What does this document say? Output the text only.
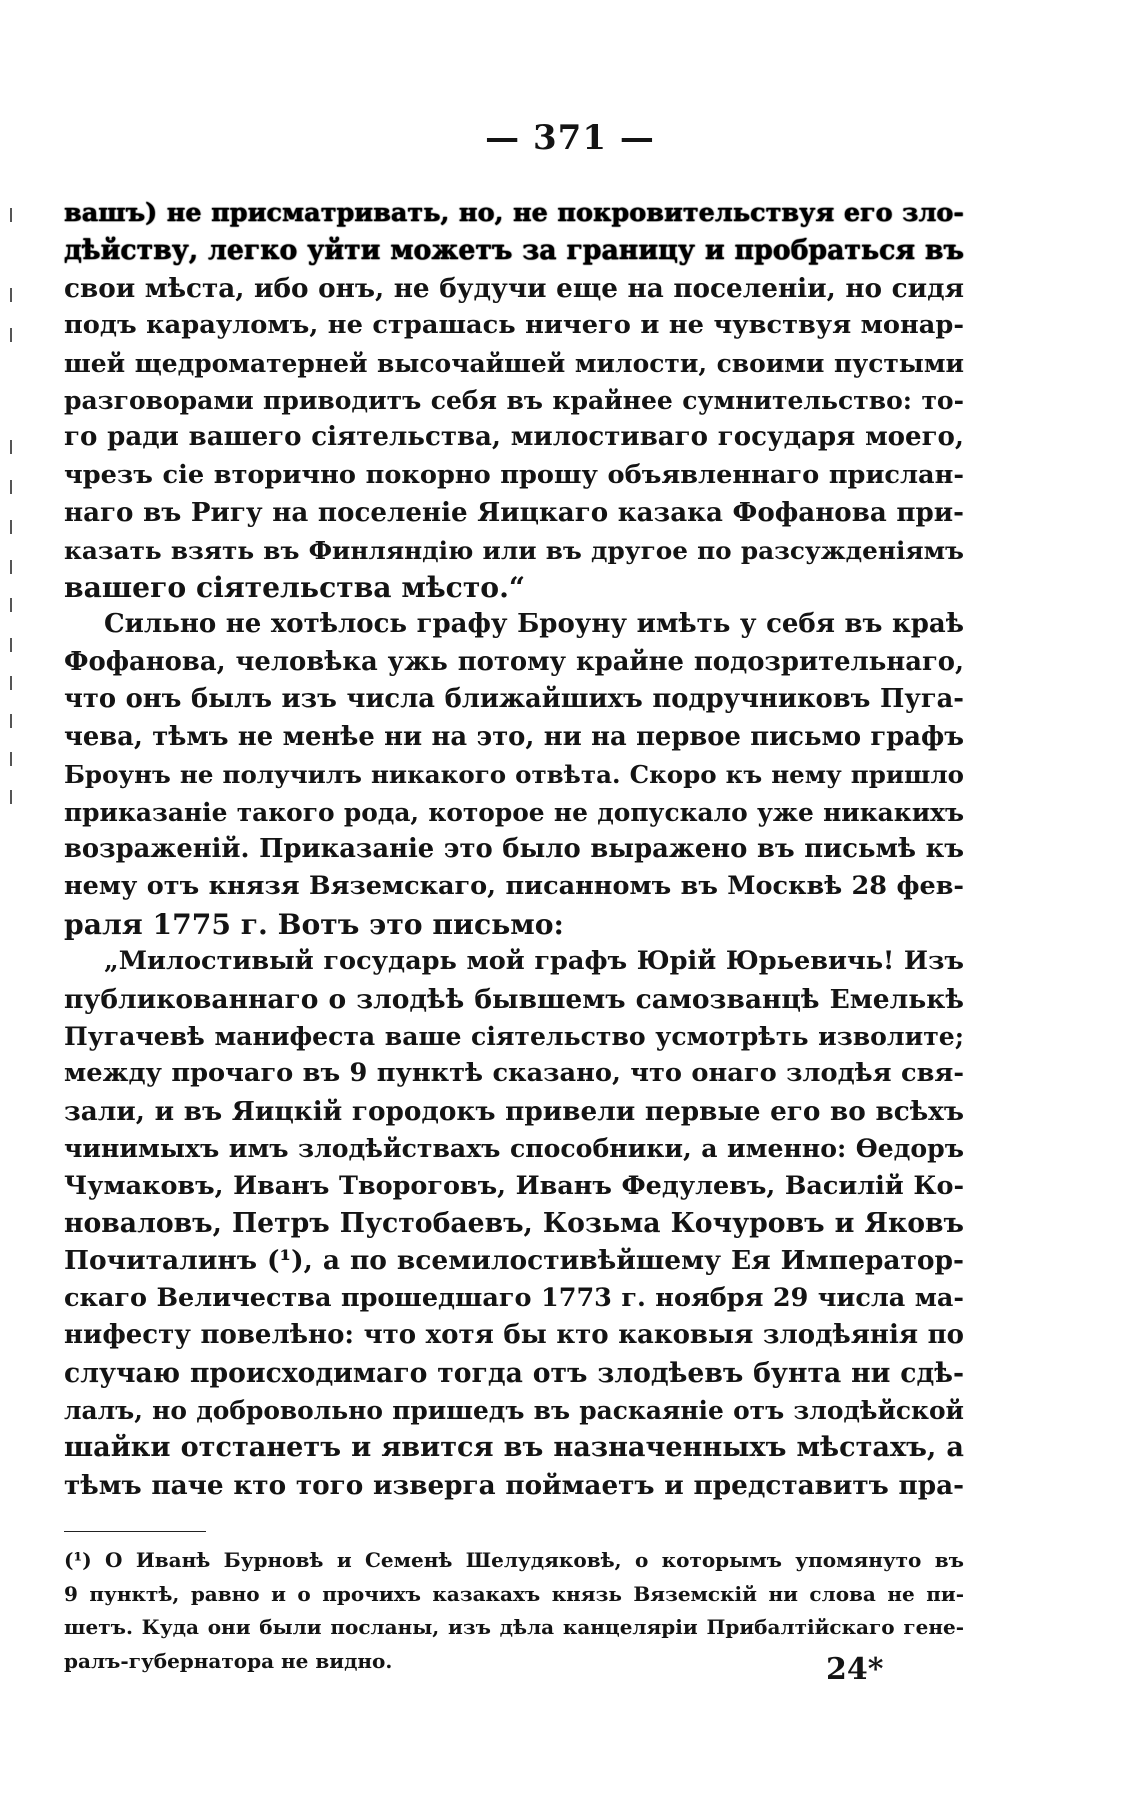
— 371 —
вашъ) не присматривать, но, не покровительствуя его зло-
дѣйству, легко уйти можетъ за границу и пробраться въ
свои мѣста, ибо онъ, не будучи еще на поселеніи, но сидя
подъ карауломъ, не страшась ничего и не чувствуя монар-
шей щедроматерней высочайшей милости, своими пустыми
разговорами приводитъ себя въ крайнее сумнительство: то-
го ради вашего сіятельства, милостиваго государя моего,
чрезъ сіе вторично покорно прошу объявленнаго прислан-
наго въ Ригу на поселеніе Яицкаго казака Фофанова при-
казать взять въ Финляндію или въ другое по разсужденіямъ
вашего сіятельства мѣсто.“
Сильно не хотѣлось графу Броуну имѣть у себя въ краѣ
Фофанова, человѣка ужь потому крайне подозрительнаго,
что онъ былъ изъ числа ближайшихъ подручниковъ Пуга-
чева, тѣмъ не менѣе ни на это, ни на первое письмо графъ
Броунъ не получилъ никакого отвѣта. Скоро къ нему пришло
приказаніе такого рода, которое не допускало уже никакихъ
возраженій. Приказаніе это было выражено въ письмѣ къ
нему отъ князя Вяземскаго, писанномъ въ Москвѣ 28 фев-
раля 1775 г. Вотъ это письмо:
„Милостивый государь мой графъ Юрій Юрьевичь! Изъ
публикованнаго о злодѣѣ бывшемъ самозванцѣ Емелькѣ
Пугачевѣ манифеста ваше сіятельство усмотрѣть изволите;
между прочаго въ 9 пунктѣ сказано, что онаго злодѣя свя-
зали, и въ Яицкій городокъ привели первые его во всѣхъ
чинимыхъ имъ злодѣйствахъ способники, а именно: Ѳедоръ
Чумаковъ, Иванъ Твороговъ, Иванъ Федулевъ, Василій Ко-
новаловъ, Петръ Пустобаевъ, Козьма Кочуровъ и Яковъ
Почиталинъ (¹), а по всемилостивѣйшему Ея Император-
скаго Величества прошедшаго 1773 г. ноября 29 числа ма-
нифесту повелѣно: что хотя бы кто каковыя злодѣянія по
случаю происходимаго тогда отъ злодѣевъ бунта ни сдѣ-
лалъ, но добровольно пришедъ въ раскаяніе отъ злодѣйской
шайки отстанетъ и явится въ назначенныхъ мѣстахъ, а
тѣмъ паче кто того изверга поймаетъ и представитъ пра-
(¹) О Иванѣ Бурновѣ и Семенѣ Шелудяковѣ, о которымъ упомянуто въ
9 пунктѣ, равно и о прочихъ казакахъ князь Вяземскій ни слова не пи-
шетъ. Куда они были посланы, изъ дѣла канцеляріи Прибалтійскаго гене-
ралъ-губернатора не видно.	24*
